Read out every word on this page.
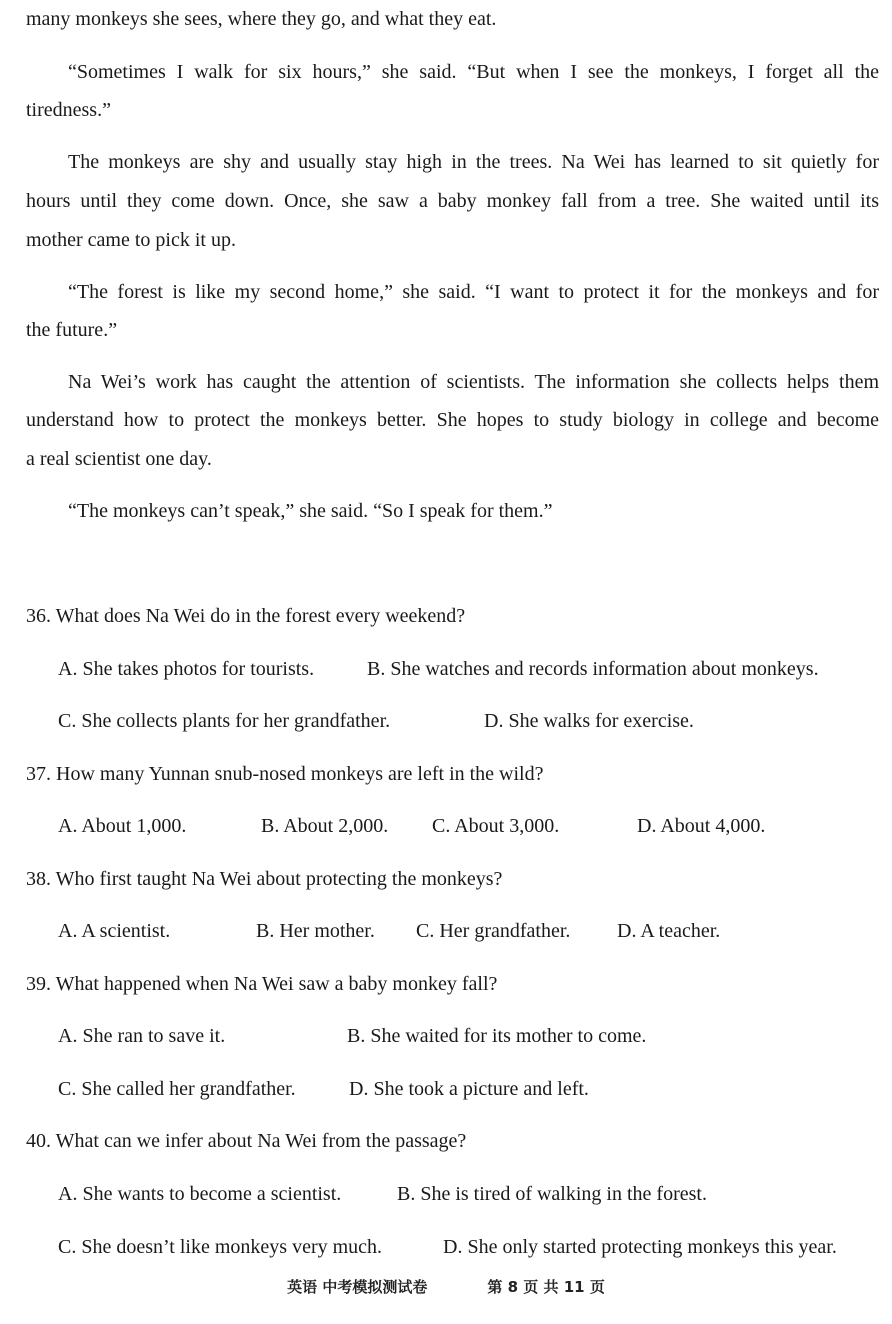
many monkeys she sees, where they go, and what they eat.
“Sometimes I walk for six hours,” she said. “But when I see the monkeys, I forget all the
tiredness.”
The monkeys are shy and usually stay high in the trees. Na Wei has learned to sit quietly for
hours until they come down. Once, she saw a baby monkey fall from a tree. She waited until its
mother came to pick it up.
“The forest is like my second home,” she said. “I want to protect it for the monkeys and for
the future.”
Na Wei’s work has caught the attention of scientists. The information she collects helps them
understand how to protect the monkeys better. She hopes to study biology in college and become
a real scientist one day.
“The monkeys can’t speak,” she said. “So I speak for them.”
36. What does Na Wei do in the forest every weekend?
A. She takes photos for tourists.	B. She watches and records information about monkeys.
C. She collects plants for her grandfather.	D. She walks for exercise.
37. How many Yunnan snub-nosed monkeys are left in the wild?
A. About 1,000.	B. About 2,000. C. About 3,000.	D. About 4,000.
38. Who first taught Na Wei about protecting the monkeys?
A. A scientist.	B. Her mother. C. Her grandfather. D. A teacher.
39. What happened when Na Wei saw a baby monkey fall?
A. She ran to save it.	B. She waited for its mother to come.
C. She called her grandfather.	D. She took a picture and left.
40. What can we infer about Na Wei from the passage?
A. She wants to become a scientist.	B. She is tired of walking in the forest.
C. She doesn’t like monkeys very much.	D. She only started protecting monkeys this year.
英语 中考模拟测试卷	第 8 页 共 11 页
